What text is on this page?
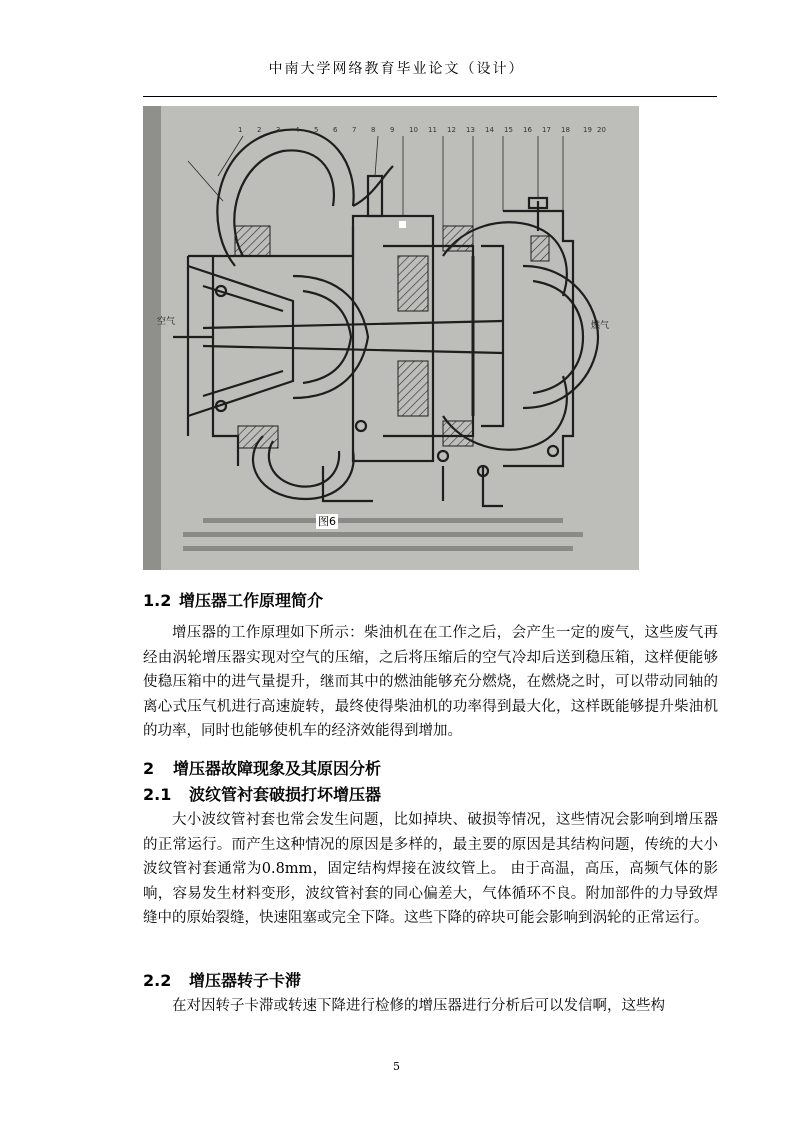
中南大学网络教育毕业论文（设计）
空气	燃气
1 2 3 4 5 6 7 8 9 10 11 12 13 14 15 16 17 18 19 20
图6
1.2 增压器工作原理简介

增压器的工作原理如下所示：柴油机在在工作之后，会产生一定的废气，这些废气再经由涡轮增压器实现对空气的压缩，之后将压缩后的空气冷却后送到稳压箱，这样便能够使稳压箱中的进气量提升，继而其中的燃油能够充分燃烧，在燃烧之时，可以带动同轴的离心式压气机进行高速旋转，最终使得柴油机的功率得到最大化，这样既能够提升柴油机的功率，同时也能够使机车的经济效能得到增加。

2 增压器故障现象及其原因分析
2.1 波纹管衬套破损打坏增压器

大小波纹管衬套也常会发生问题，比如掉块、破损等情况，这些情况会影响到增压器的正常运行。而产生这种情况的原因是多样的，最主要的原因是其结构问题，传统的大小波纹管衬套通常为0.8mm，固定结构焊接在波纹管上。 由于高温，高压，高频气体的影响，容易发生材料变形，波纹管衬套的同心偏差大，气体循环不良。附加部件的力导致焊缝中的原始裂缝，快速阻塞或完全下降。这些下降的碎块可能会影响到涡轮的正常运行。

2.2 增压器转子卡滞

在对因转子卡滞或转速下降进行检修的增压器进行分析后可以发信啊，这些构

5
